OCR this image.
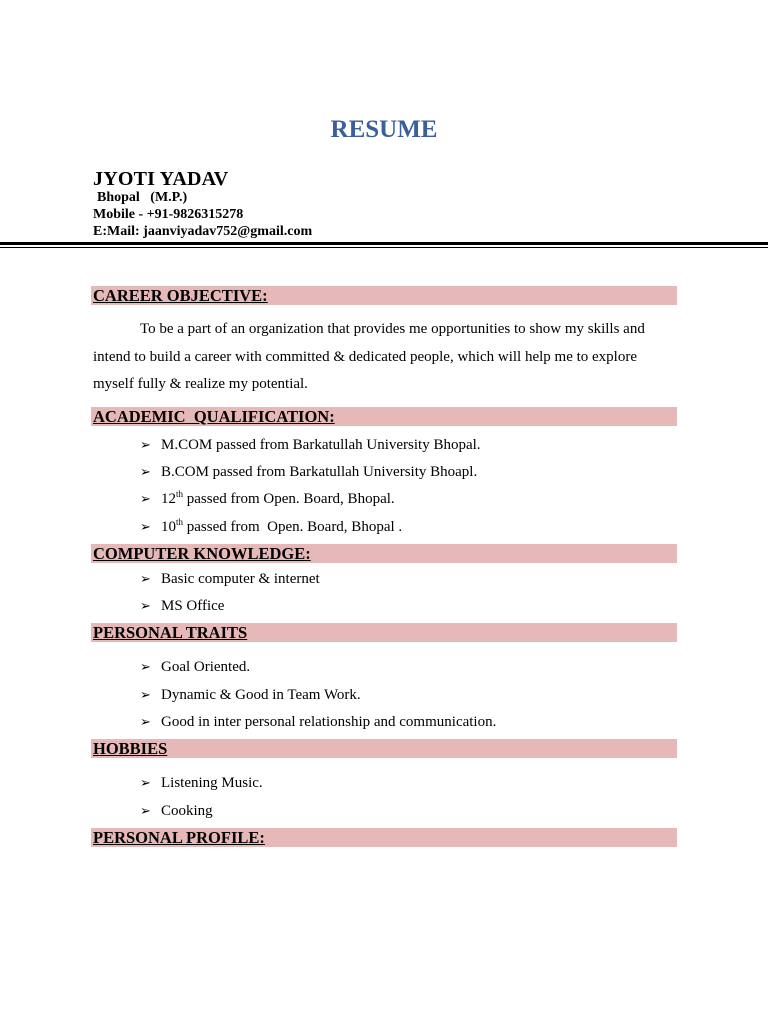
RESUME
JYOTI YADAV
Bhopal   (M.P.)
Mobile - +91-9826315278
E:Mail: jaanviyadav752@gmail.com
CAREER OBJECTIVE:
To be a part of an organization that provides me opportunities to show my skills and intend to build a career with committed & dedicated people, which will help me to explore myself fully & realize my potential.
ACADEMIC  QUALIFICATION:
➢ M.COM passed from Barkatullah University Bhopal.
➢ B.COM passed from Barkatullah University Bhoapl.
➢ 12th passed from Open. Board, Bhopal.
➢ 10th passed from  Open. Board, Bhopal .
COMPUTER KNOWLEDGE:
➢ Basic computer & internet
➢ MS Office
PERSONAL TRAITS
➢ Goal Oriented.
➢ Dynamic & Good in Team Work.
➢ Good in inter personal relationship and communication.
HOBBIES
➢ Listening Music.
➢ Cooking
PERSONAL PROFILE:
